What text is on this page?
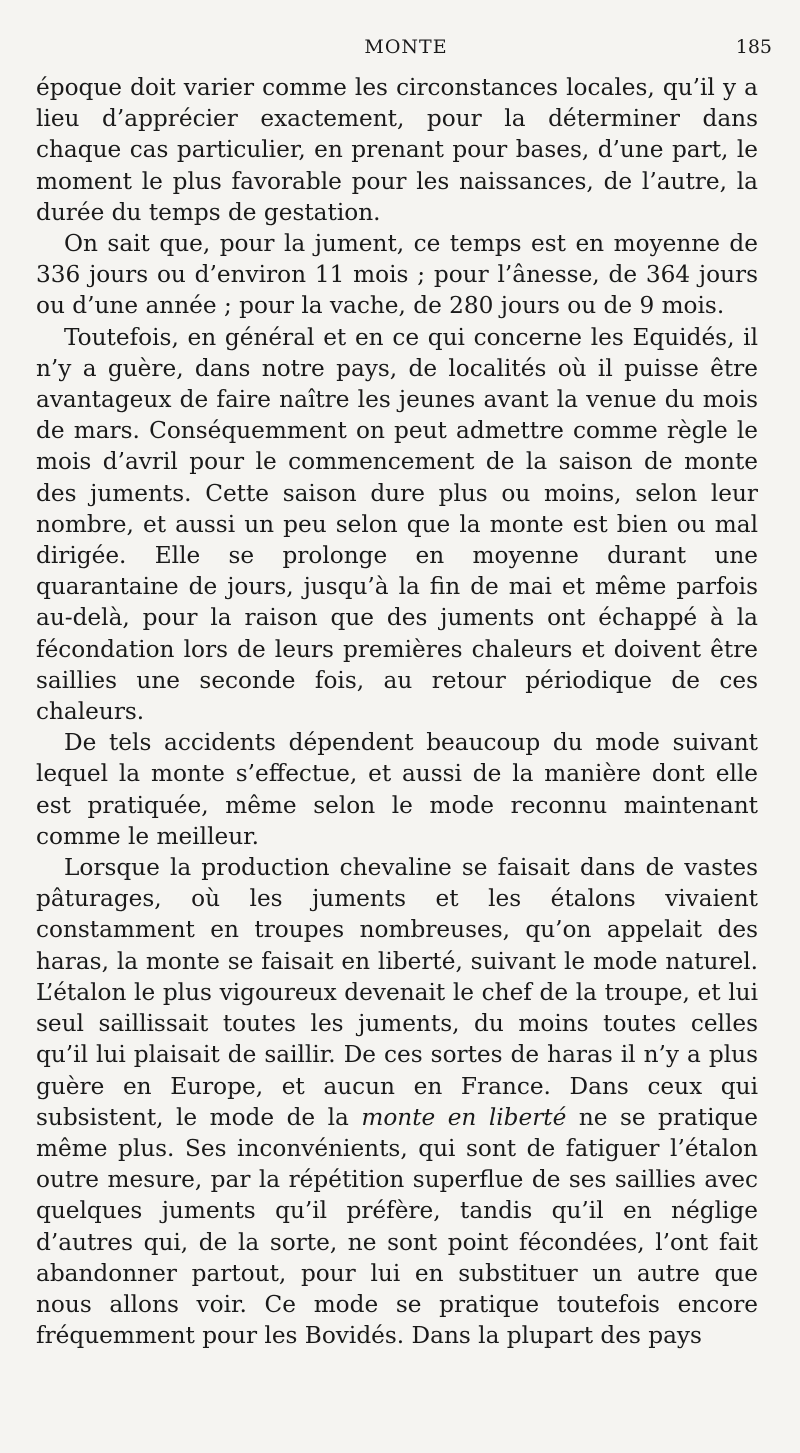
MONTE	185

époque doit varier comme les circonstances locales, qu’il y a lieu d’apprécier exactement, pour la déterminer dans chaque cas particulier, en prenant pour bases, d’une part, le moment le plus favorable pour les naissances, de l’autre, la durée du temps de gestation.

On sait que, pour la jument, ce temps est en moyenne de 336 jours ou d’environ 11 mois ; pour l’ânesse, de 364 jours ou d’une année ; pour la vache, de 280 jours ou de 9 mois.

Toutefois, en général et en ce qui concerne les Equidés, il n’y a guère, dans notre pays, de localités où il puisse être avantageux de faire naître les jeunes avant la venue du mois de mars. Conséquemment on peut admettre comme règle le mois d’avril pour le commencement de la saison de monte des juments. Cette saison dure plus ou moins, selon leur nombre, et aussi un peu selon que la monte est bien ou mal dirigée. Elle se prolonge en moyenne durant une quarantaine de jours, jusqu’à la fin de mai et même parfois au-delà, pour la raison que des juments ont échappé à la fécondation lors de leurs premières chaleurs et doivent être saillies une seconde fois, au retour périodique de ces chaleurs.

De tels accidents dépendent beaucoup du mode suivant lequel la monte s’effectue, et aussi de la manière dont elle est pratiquée, même selon le mode reconnu maintenant comme le meilleur.

Lorsque la production chevaline se faisait dans de vastes pâturages, où les juments et les étalons vivaient constamment en troupes nombreuses, qu’on appelait des haras, la monte se faisait en liberté, suivant le mode naturel. L’étalon le plus vigoureux devenait le chef de la troupe, et lui seul saillissait toutes les juments, du moins toutes celles qu’il lui plaisait de saillir. De ces sortes de haras il n’y a plus guère en Europe, et aucun en France. Dans ceux qui subsistent, le mode de la monte en liberté ne se pratique même plus. Ses inconvénients, qui sont de fatiguer l’étalon outre mesure, par la répétition superflue de ses saillies avec quelques juments qu’il préfère, tandis qu’il en néglige d’autres qui, de la sorte, ne sont point fécondées, l’ont fait abandonner partout, pour lui en substituer un autre que nous allons voir. Ce mode se pratique toutefois encore fréquemment pour les Bovidés. Dans la plupart des pays
